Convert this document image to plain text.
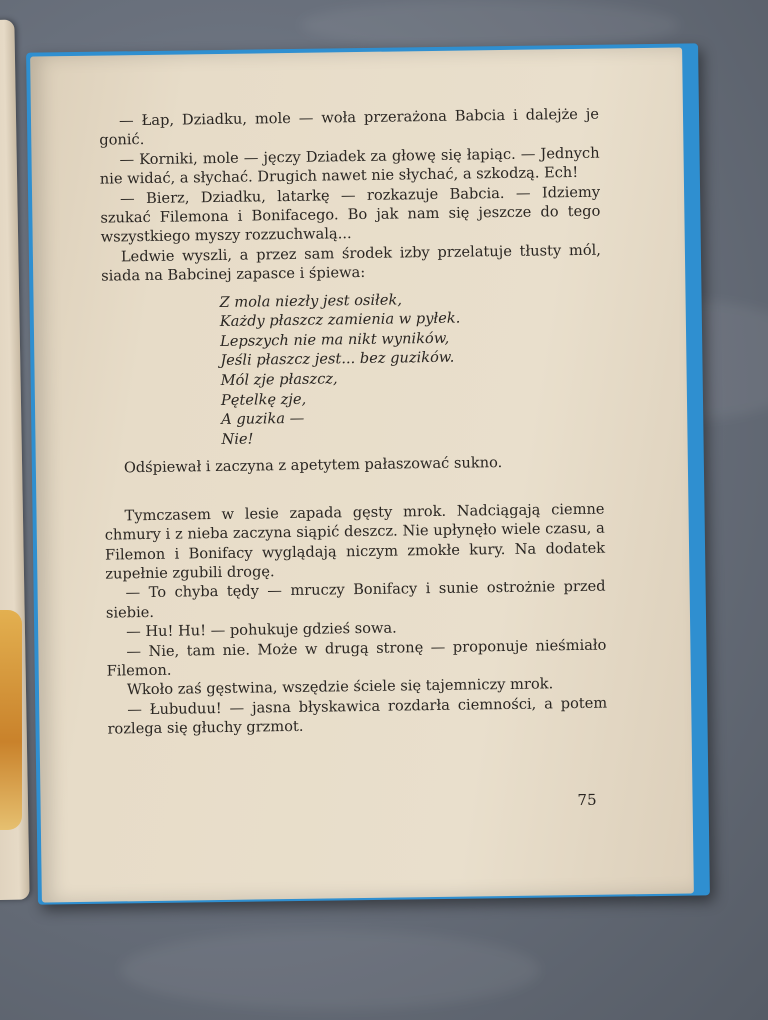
— Łap, Dziadku, mole — woła przerażona Babcia i dalejże je gonić.

— Korniki, mole — jęczy Dziadek za głowę się łapiąc. — Jednych nie widać, a słychać. Drugich nawet nie słychać, a szkodzą. Ech!

— Bierz, Dziadku, latarkę — rozkazuje Babcia. — Idziemy szukać Filemona i Bonifacego. Bo jak nam się jeszcze do tego wszystkiego myszy rozzuchwalą...

Ledwie wyszli, a przez sam środek izby przelatuje tłusty mól, siada na Babcinej zapasce i śpiewa:

Z mola niezły jest osiłek,
Każdy płaszcz zamienia w pyłek.
Lepszych nie ma nikt wyników,
Jeśli płaszcz jest... bez guzików.
Mól zje płaszcz,
Pętelkę zje,
A guzika —
Nie!

Odśpiewał i zaczyna z apetytem pałaszować sukno.

Tymczasem w lesie zapada gęsty mrok. Nadciągają ciemne chmury i z nieba zaczyna siąpić deszcz. Nie upłynęło wiele czasu, a Filemon i Bonifacy wyglądają niczym zmokłe kury. Na dodatek zupełnie zgubili drogę.

— To chyba tędy — mruczy Bonifacy i sunie ostrożnie przed siebie.

— Hu! Hu! — pohukuje gdzieś sowa.

— Nie, tam nie. Może w drugą stronę — proponuje nieśmiało Filemon.

Wkoło zaś gęstwina, wszędzie ściele się tajemniczy mrok.

— Łubuduu! — jasna błyskawica rozdarła ciemności, a potem rozlega się głuchy grzmot.

75
